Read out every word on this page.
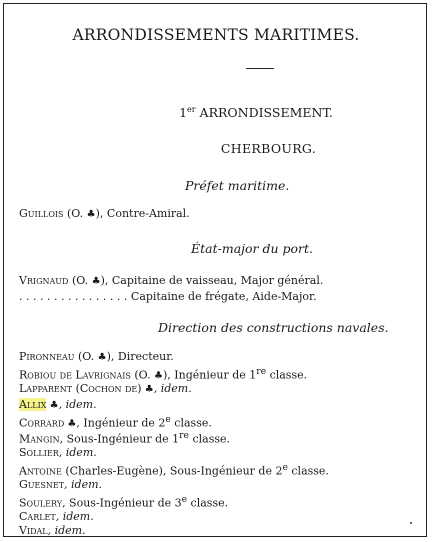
ARRONDISSEMENTS MARITIMES.
1er ARRONDISSEMENT.
CHERBOURG.
Préfet maritime.
Guillois (O. ♣), Contre-Amiral.
État-major du port.
Vrignaud (O. ♣), Capitaine de vaisseau, Major général.
. . . . . . . . . . . . . . . . Capitaine de frégate, Aide-Major.
Direction des constructions navales.
Pironneau (O. ♣), Directeur.
Robiou de Lavrignais (O. ♣), Ingénieur de 1re classe.
Lapparent (Cochon de) ♣, idem.
Allix ♣, idem.
Corrard ♣, Ingénieur de 2e classe.
Mangin, Sous-Ingénieur de 1re classe.
Sollier, idem.
Antoine (Charles-Eugène), Sous-Ingénieur de 2e classe.
Guesnet, idem.
Soulery, Sous-Ingénieur de 3e classe.
Carlet, idem.
Vidal, idem.
